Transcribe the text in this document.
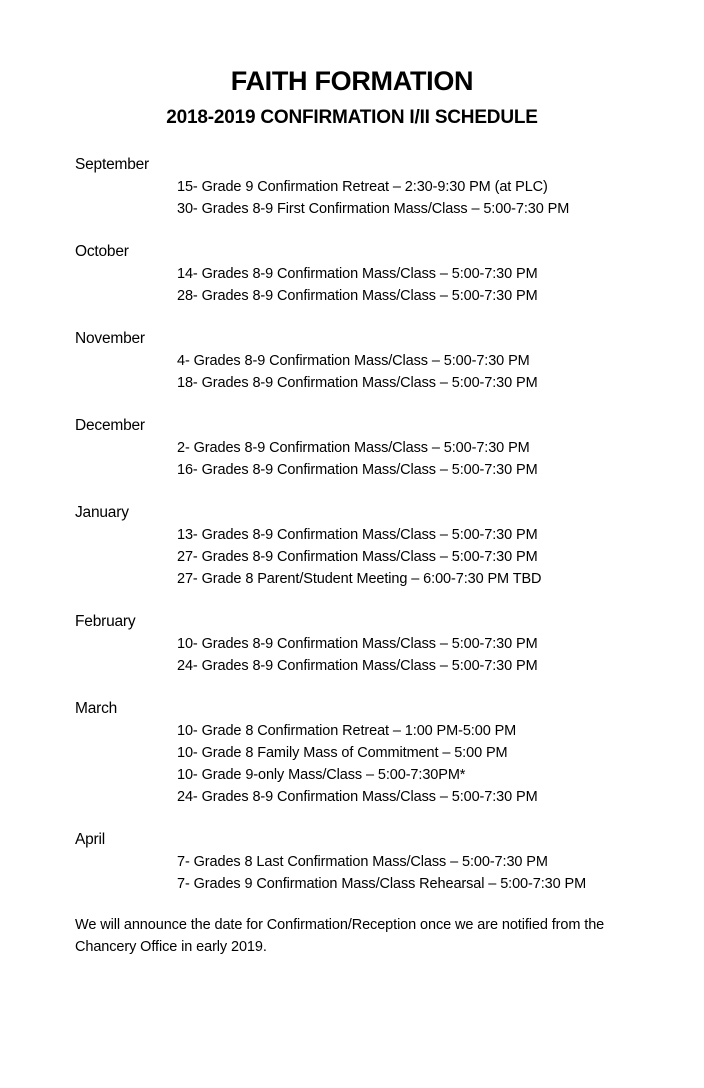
FAITH FORMATION
2018-2019 CONFIRMATION I/II SCHEDULE
September
15- Grade 9 Confirmation Retreat – 2:30-9:30 PM (at PLC)
30- Grades 8-9 First Confirmation Mass/Class – 5:00-7:30 PM
October
14- Grades 8-9 Confirmation Mass/Class – 5:00-7:30 PM
28- Grades 8-9 Confirmation Mass/Class – 5:00-7:30 PM
November
4- Grades 8-9 Confirmation Mass/Class – 5:00-7:30 PM
18- Grades 8-9 Confirmation Mass/Class – 5:00-7:30 PM
December
2- Grades 8-9 Confirmation Mass/Class – 5:00-7:30 PM
16- Grades 8-9 Confirmation Mass/Class – 5:00-7:30 PM
January
13- Grades 8-9 Confirmation Mass/Class – 5:00-7:30 PM
27- Grades 8-9 Confirmation Mass/Class – 5:00-7:30 PM
27- Grade 8 Parent/Student Meeting – 6:00-7:30 PM TBD
February
10- Grades 8-9 Confirmation Mass/Class – 5:00-7:30 PM
24- Grades 8-9 Confirmation Mass/Class – 5:00-7:30 PM
March
10- Grade 8 Confirmation Retreat – 1:00 PM-5:00 PM
10- Grade 8 Family Mass of Commitment – 5:00 PM
10- Grade 9-only Mass/Class – 5:00-7:30PM*
24- Grades 8-9 Confirmation Mass/Class – 5:00-7:30 PM
April
7- Grades 8 Last Confirmation Mass/Class – 5:00-7:30 PM
7- Grades 9 Confirmation Mass/Class Rehearsal – 5:00-7:30 PM
We will announce the date for Confirmation/Reception once we are notified from the Chancery Office in early 2019.
